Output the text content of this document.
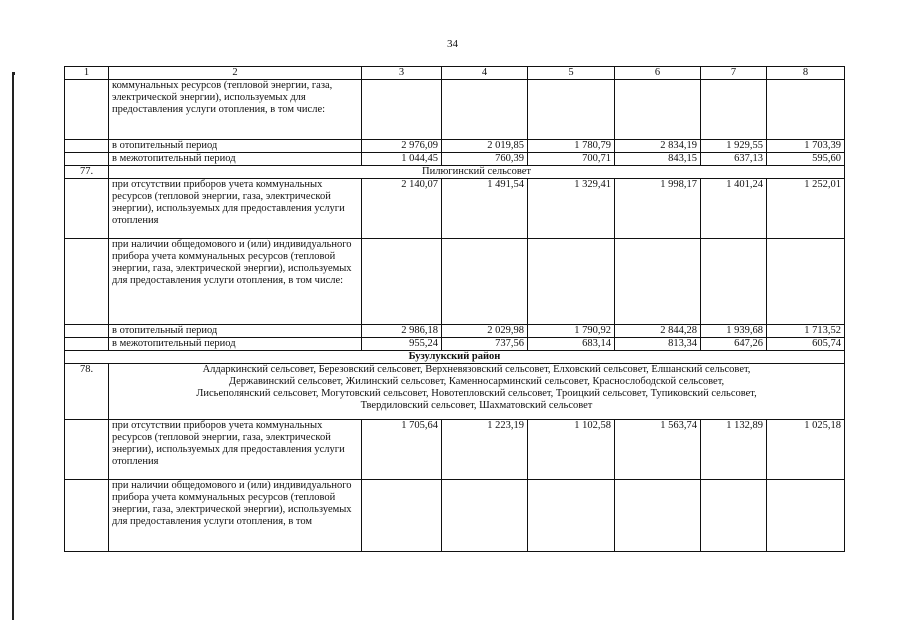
34
1	2	3	4	5	6	7	8
	коммунальных ресурсов (тепловой энергии, газа, электрической энергии), используемых для предоставления услуги отопления, в том числе:						
	в отопительный период	2 976,09	2 019,85	1 780,79	2 834,19	1 929,55	1 703,39
	в межотопительный период	1 044,45	760,39	700,71	843,15	637,13	595,60
77.	Пилюгинский сельсовет						
	при отсутствии приборов учета коммунальных ресурсов (тепловой энергии, газа, электрической энергии), используемых для предоставления услуги отопления	2 140,07	1 491,54	1 329,41	1 998,17	1 401,24	1 252,01
	при наличии общедомового и (или) индивидуального прибора учета коммунальных ресурсов (тепловой энергии, газа, электрической энергии), используемых для предоставления услуги отопления, в том числе:						
	в отопительный период	2 986,18	2 029,98	1 790,92	2 844,28	1 939,68	1 713,52
	в межотопительный период	955,24	737,56	683,14	813,34	647,26	605,74
Бузулукский район							
78.	Алдаркинский сельсовет, Березовский сельсовет, Верхневязовский сельсовет, Елховский сельсовет, Елшанский сельсовет,
Державинский сельсовет, Жилинский сельсовет, Каменносарминский сельсовет, Краснослободской сельсовет,
Лисьеполянский сельсовет, Могутовский сельсовет, Новотепловский сельсовет, Троицкий сельсовет, Тупиковский сельсовет,
Твердиловский сельсовет, Шахматовский сельсовет						

	при отсутствии приборов учета коммунальных ресурсов (тепловой энергии, газа, электрической энергии), используемых для предоставления услуги отопления	1 705,64	1 223,19	1 102,58	1 563,74	1 132,89	1 025,18
	при наличии общедомового и (или) индивидуального прибора учета коммунальных ресурсов (тепловой энергии, газа, электрической энергии), используемых для предоставления услуги отопления, в том						
